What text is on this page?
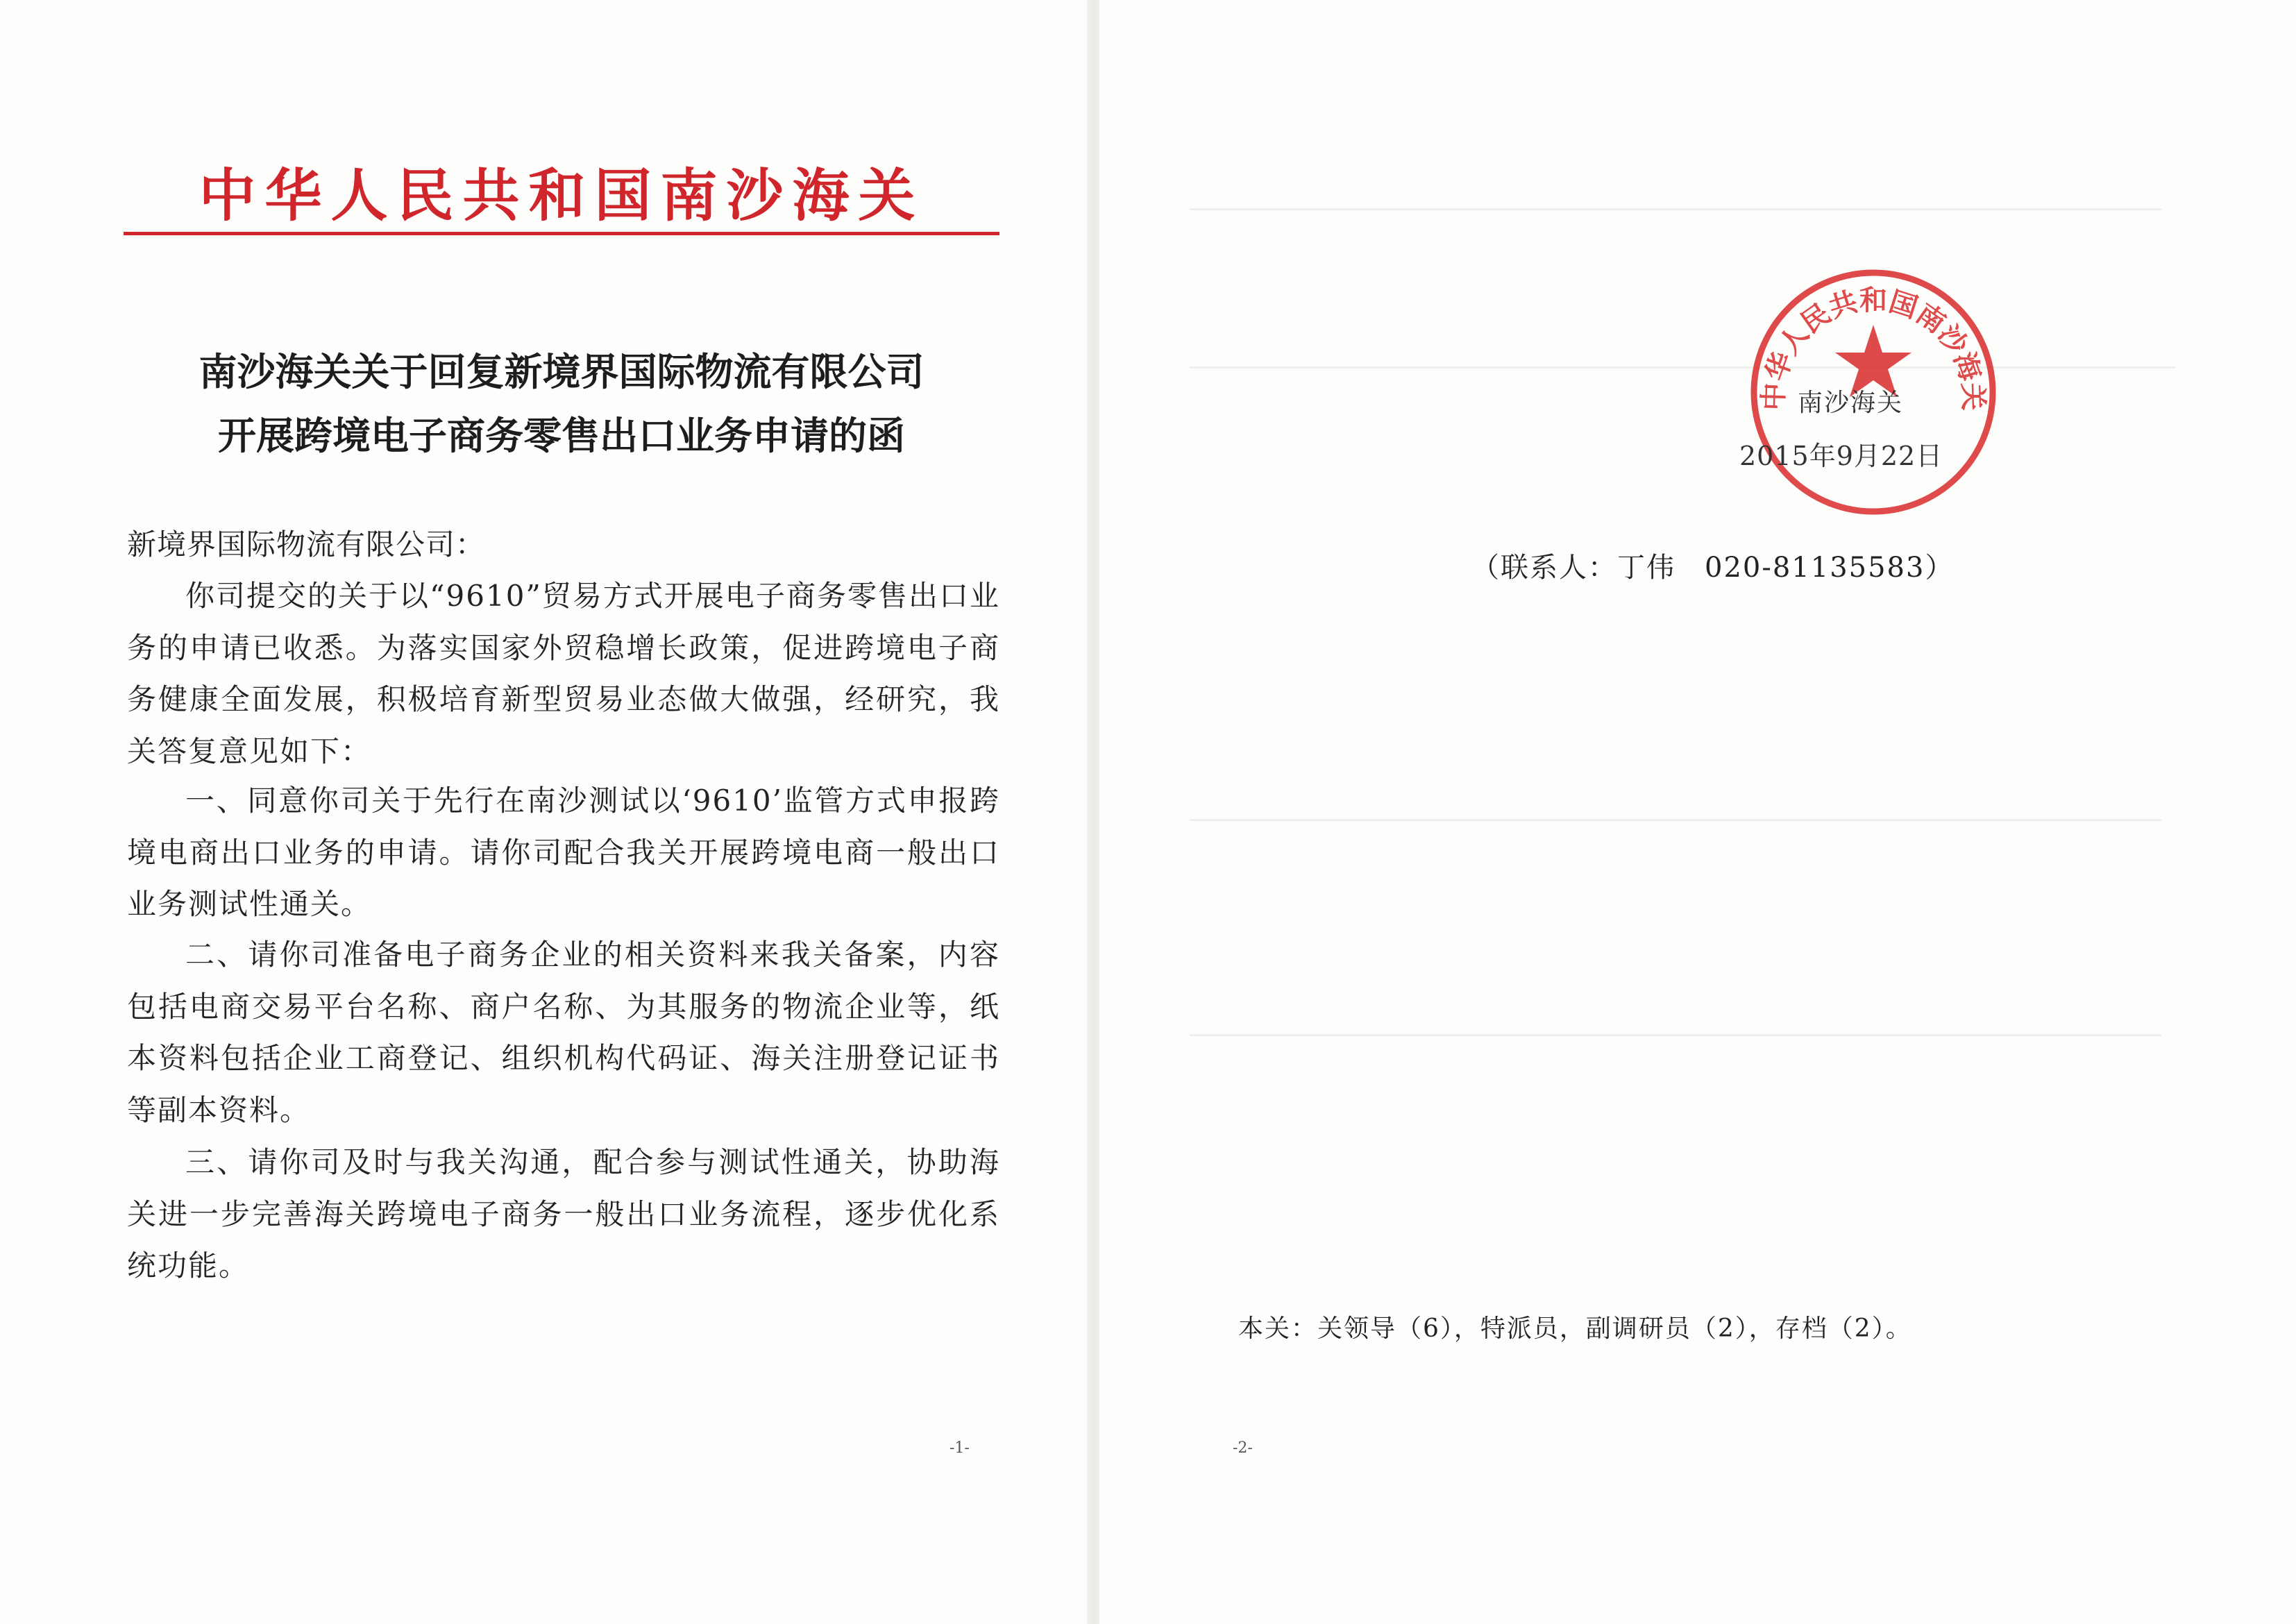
中华人民共和国南沙海关
南沙海关关于回复新境界国际物流有限公司
开展跨境电子商务零售出口业务申请的函
新境界国际物流有限公司：
你司提交的关于以“9610”贸易方式开展电子商务零售出口业务的申请已收悉。为落实国家外贸稳增长政策，促进跨境电子商务健康全面发展，积极培育新型贸易业态做大做强，经研究，我关答复意见如下：
一、同意你司关于先行在南沙测试以‘9610’监管方式申报跨境电商出口业务的申请。请你司配合我关开展跨境电商一般出口业务测试性通关。
二、请你司准备电子商务企业的相关资料来我关备案，内容包括电商交易平台名称、商户名称、为其服务的物流企业等，纸本资料包括企业工商登记、组织机构代码证、海关注册登记证书等副本资料。
三、请你司及时与我关沟通，配合参与测试性通关，协助海关进一步完善海关跨境电子商务一般出口业务流程，逐步优化系统功能。
-1-
中华人民共和国南沙海关
南沙海关
2015年9月22日
（联系人：丁伟　020-81135583）
本关：关领导（6），特派员，副调研员（2），存档（2）。
-2-
